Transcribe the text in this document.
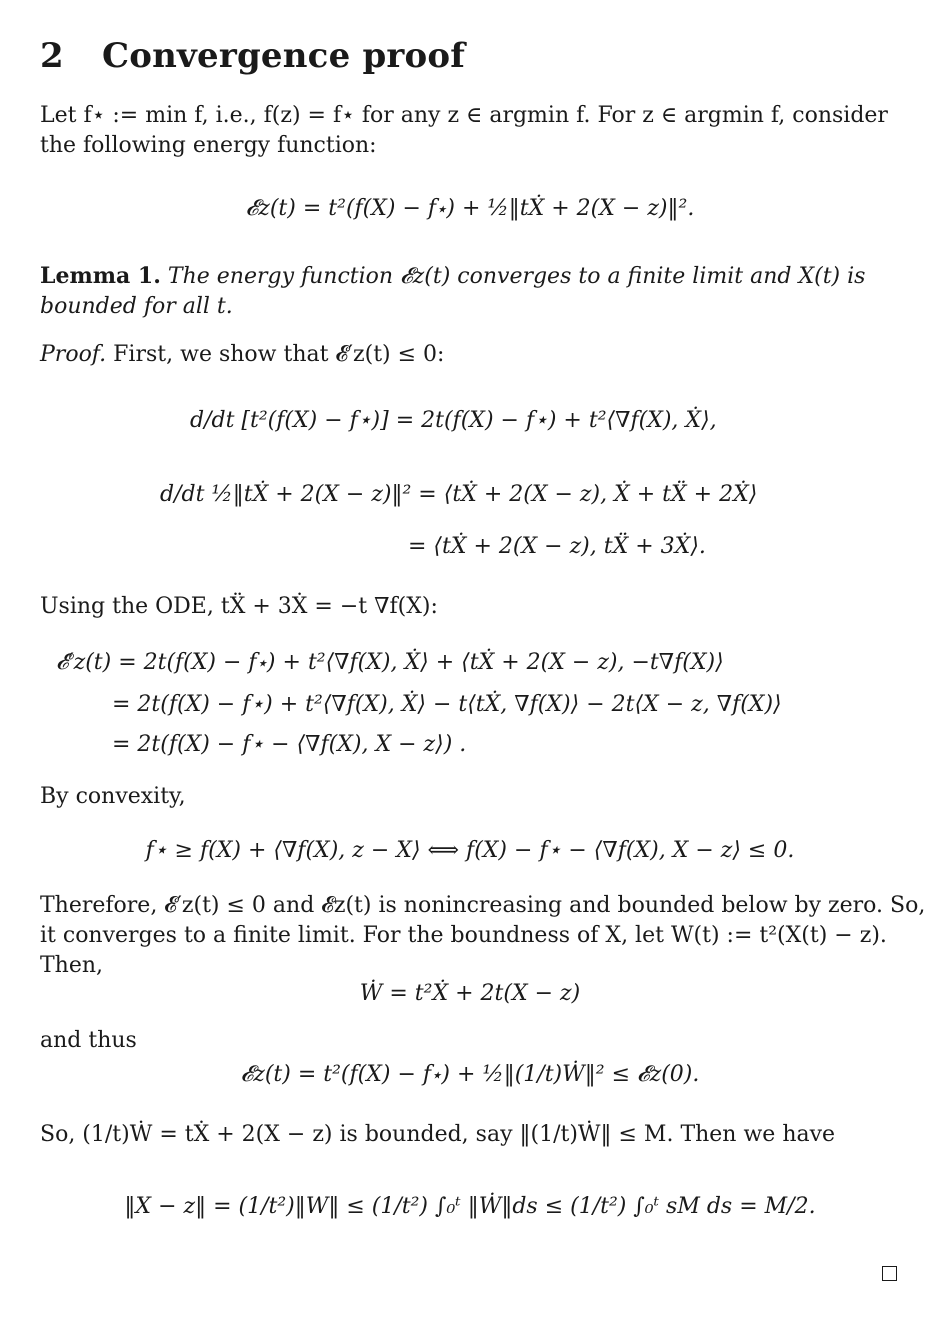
2 Convergence proof
Let f⋆ := min f, i.e., f(z) = f⋆ for any z ∈ argmin f. For z ∈ argmin f, consider
the following energy function:
𝓔z(t) = t²(f(X) − f⋆) + ½‖tẊ + 2(X − z)‖².
Lemma 1. The energy function 𝓔z(t) converges to a finite limit and X(t) is
bounded for all t.
Proof. First, we show that 𝓔′z(t) ≤ 0:
d/dt [t²(f(X) − f⋆)] = 2t(f(X) − f⋆) + t²⟨∇f(X), Ẋ⟩,
d/dt ½‖tẊ + 2(X − z)‖² = ⟨tẊ + 2(X − z), Ẋ + tẌ + 2Ẋ⟩
= ⟨tẊ + 2(X − z), tẌ + 3Ẋ⟩.
Using the ODE, tẌ + 3Ẋ = −t ∇f(X):
𝓔′z(t) = 2t(f(X) − f⋆) + t²⟨∇f(X), Ẋ⟩ + ⟨tẊ + 2(X − z), −t∇f(X)⟩
= 2t(f(X) − f⋆) + t²⟨∇f(X), Ẋ⟩ − t⟨tẊ, ∇f(X)⟩ − 2t⟨X − z, ∇f(X)⟩
= 2t(f(X) − f⋆ − ⟨∇f(X), X − z⟩) .
By convexity,
f⋆ ≥ f(X) + ⟨∇f(X), z − X⟩ ⟺ f(X) − f⋆ − ⟨∇f(X), X − z⟩ ≤ 0.
Therefore, 𝓔′z(t) ≤ 0 and 𝓔z(t) is nonincreasing and bounded below by zero. So,
it converges to a finite limit. For the boundness of X, let W(t) := t²(X(t) − z).
Then,
Ẇ = t²Ẋ + 2t(X − z)
and thus
𝓔z(t) = t²(f(X) − f⋆) + ½‖(1/t)Ẇ‖² ≤ 𝓔z(0).
So, (1/t)Ẇ = tẊ + 2(X − z) is bounded, say ‖(1/t)Ẇ‖ ≤ M. Then we have
‖X − z‖ = (1/t²)‖W‖ ≤ (1/t²) ∫₀ᵗ ‖Ẇ‖ds ≤ (1/t²) ∫₀ᵗ sM ds = M/2.
